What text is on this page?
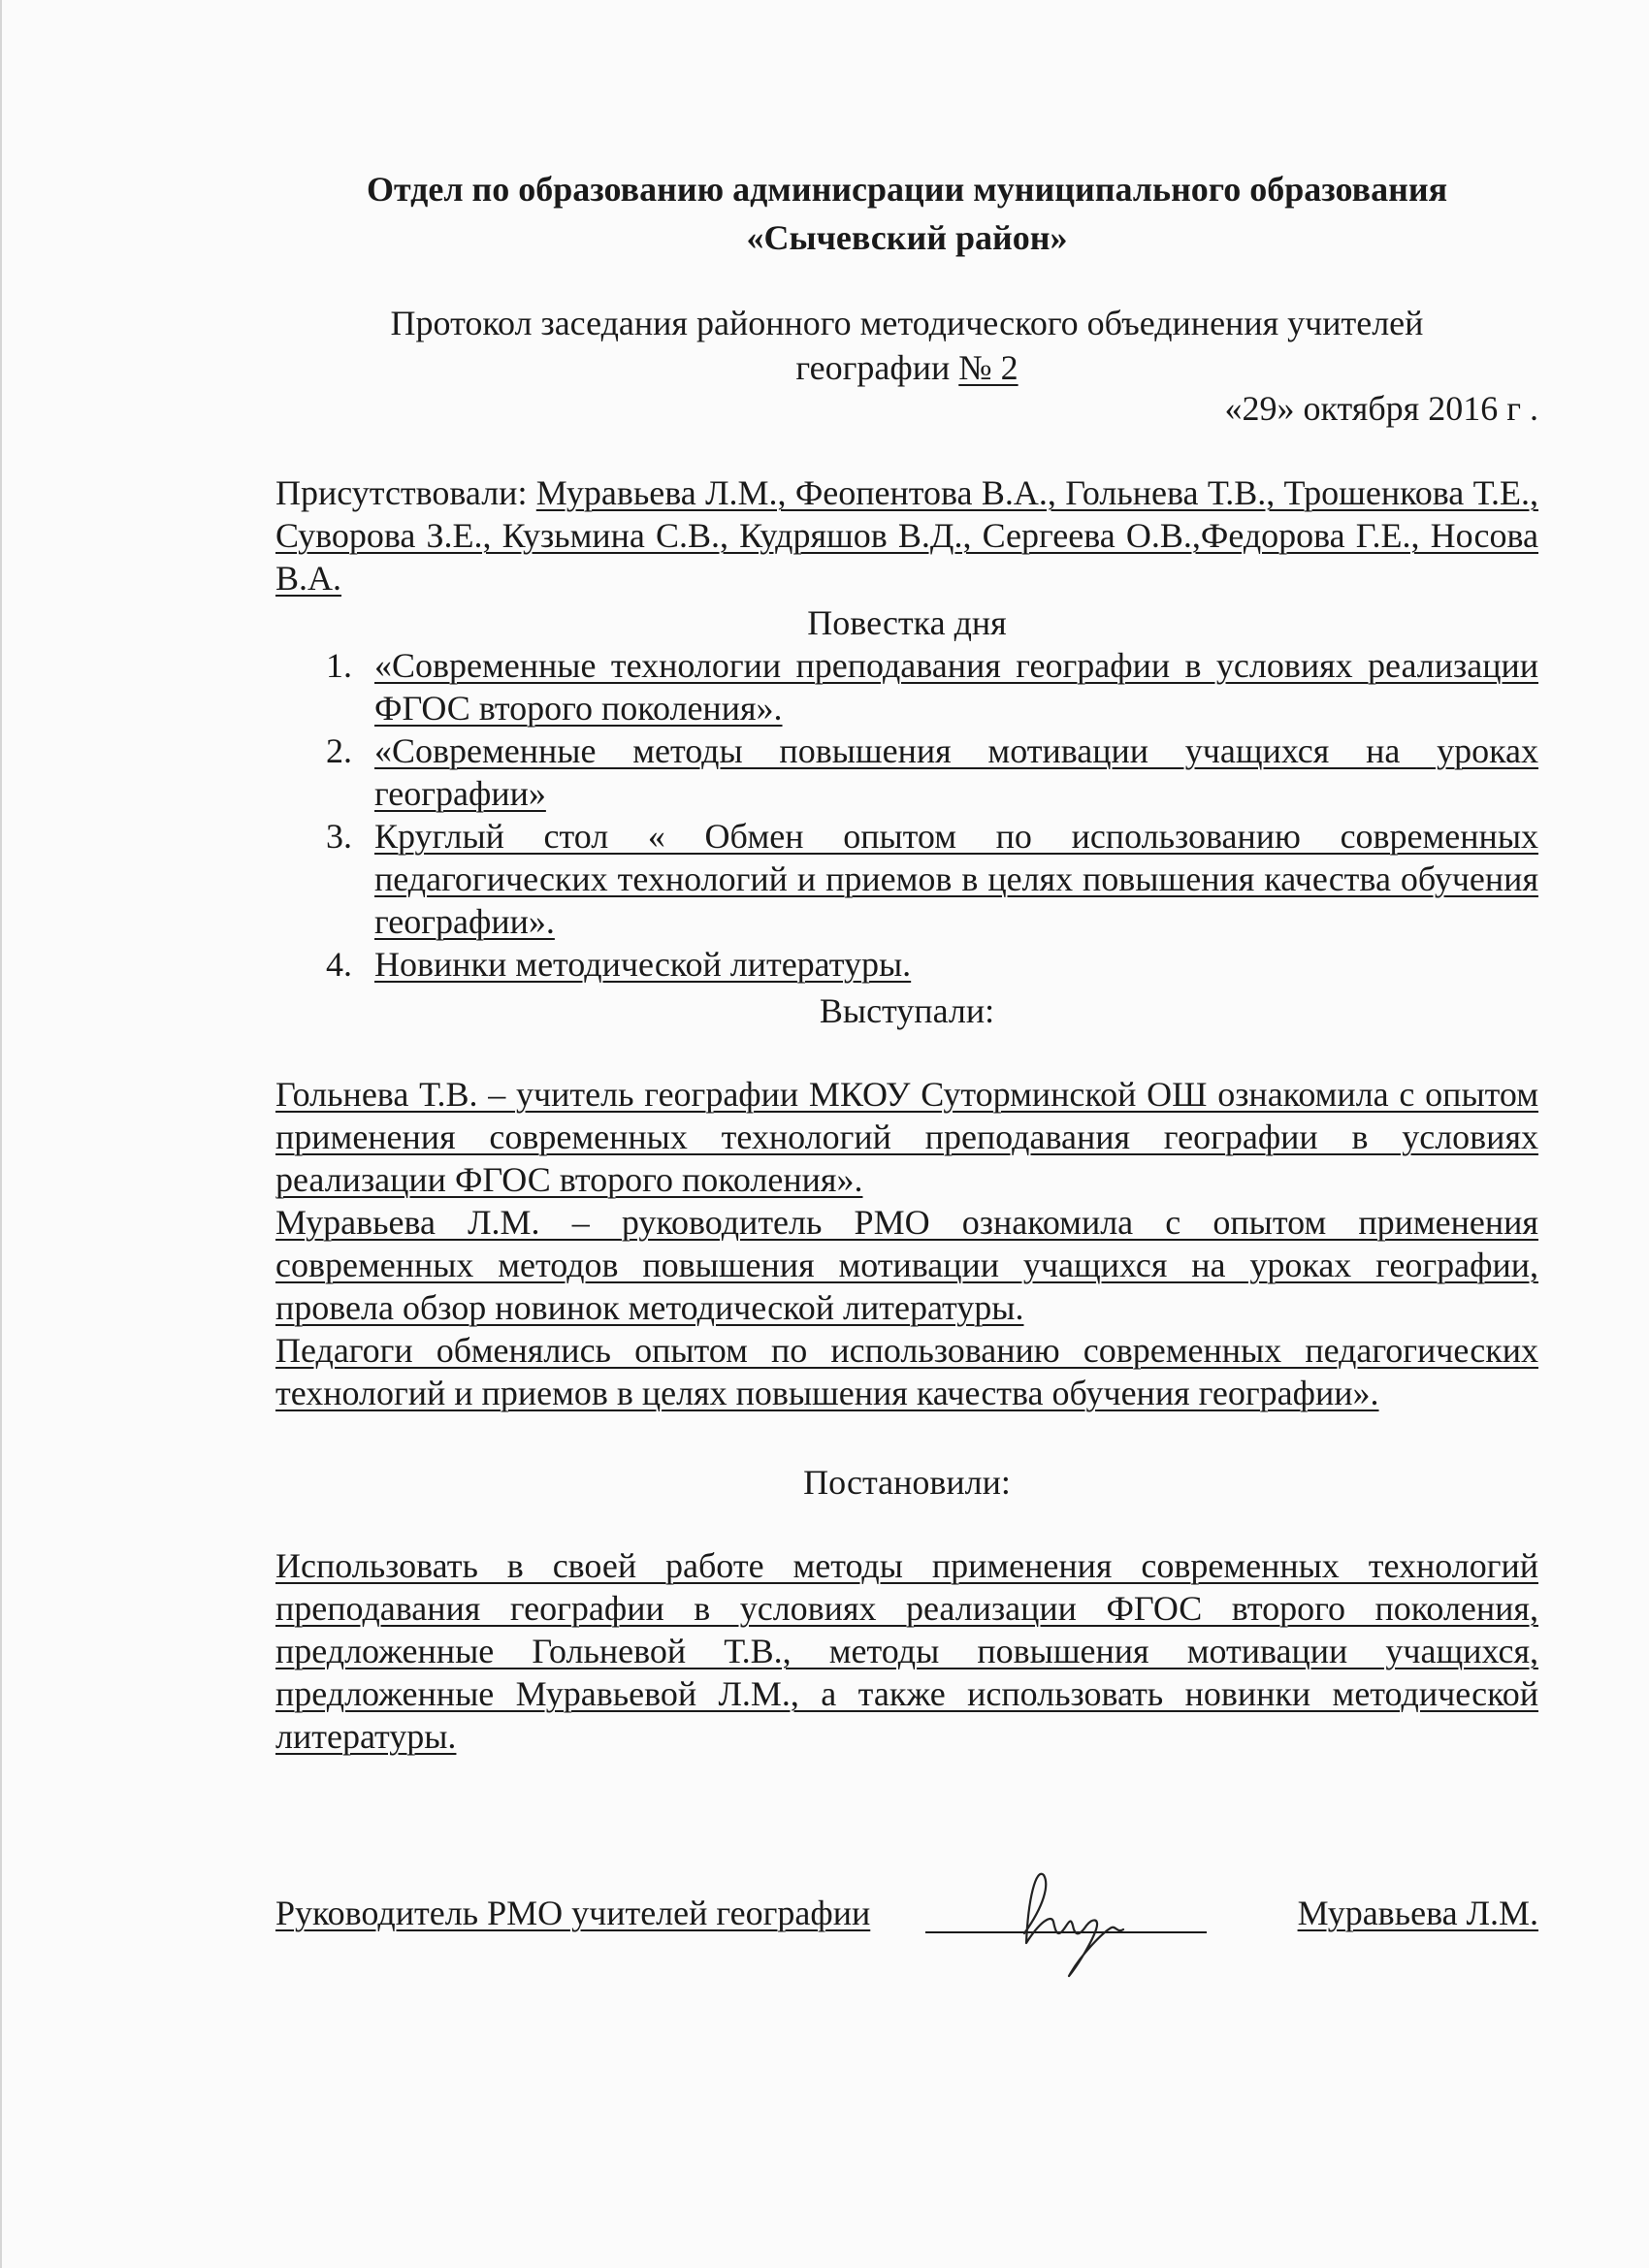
Отдел по образованию админисрации муниципального образования
«Сычевский район»
Протокол заседания районного методического объединения учителей
географии № 2
«29» октября 2016 г .
Присутствовали: Муравьева Л.М., Феопентова В.А., Гольнева Т.В., Трошенкова Т.Е., Суворова З.Е., Кузьмина С.В., Кудряшов В.Д., Сергеева О.В.,Федорова Г.Е., Носова В.А.
Повестка дня
1. «Современные технологии преподавания географии в условиях реализации ФГОС второго поколения».
2. «Современные методы повышения мотивации учащихся на уроках географии»
3. Круглый стол « Обмен опытом по использованию современных педагогических технологий и приемов в целях повышения качества обучения географии».
4. Новинки методической литературы.
Выступали:
Гольнева Т.В. – учитель географии МКОУ Суторминской ОШ ознакомила с опытом применения современных технологий преподавания географии в условиях реализации ФГОС второго поколения».
Муравьева Л.М. – руководитель РМО ознакомила с опытом применения современных методов повышения мотивации учащихся на уроках географии, провела обзор новинок методической литературы.
Педагоги обменялись опытом по использованию современных педагогических технологий и приемов в целях повышения качества обучения географии».
Постановили:
Использовать в своей работе методы применения современных технологий преподавания географии в условиях реализации ФГОС второго поколения, предложенные Гольневой Т.В., методы повышения мотивации учащихся, предложенные Муравьевой Л.М., а также использовать новинки методической литературы.
Руководитель РМО учителей географии	Муравьева Л.М.
